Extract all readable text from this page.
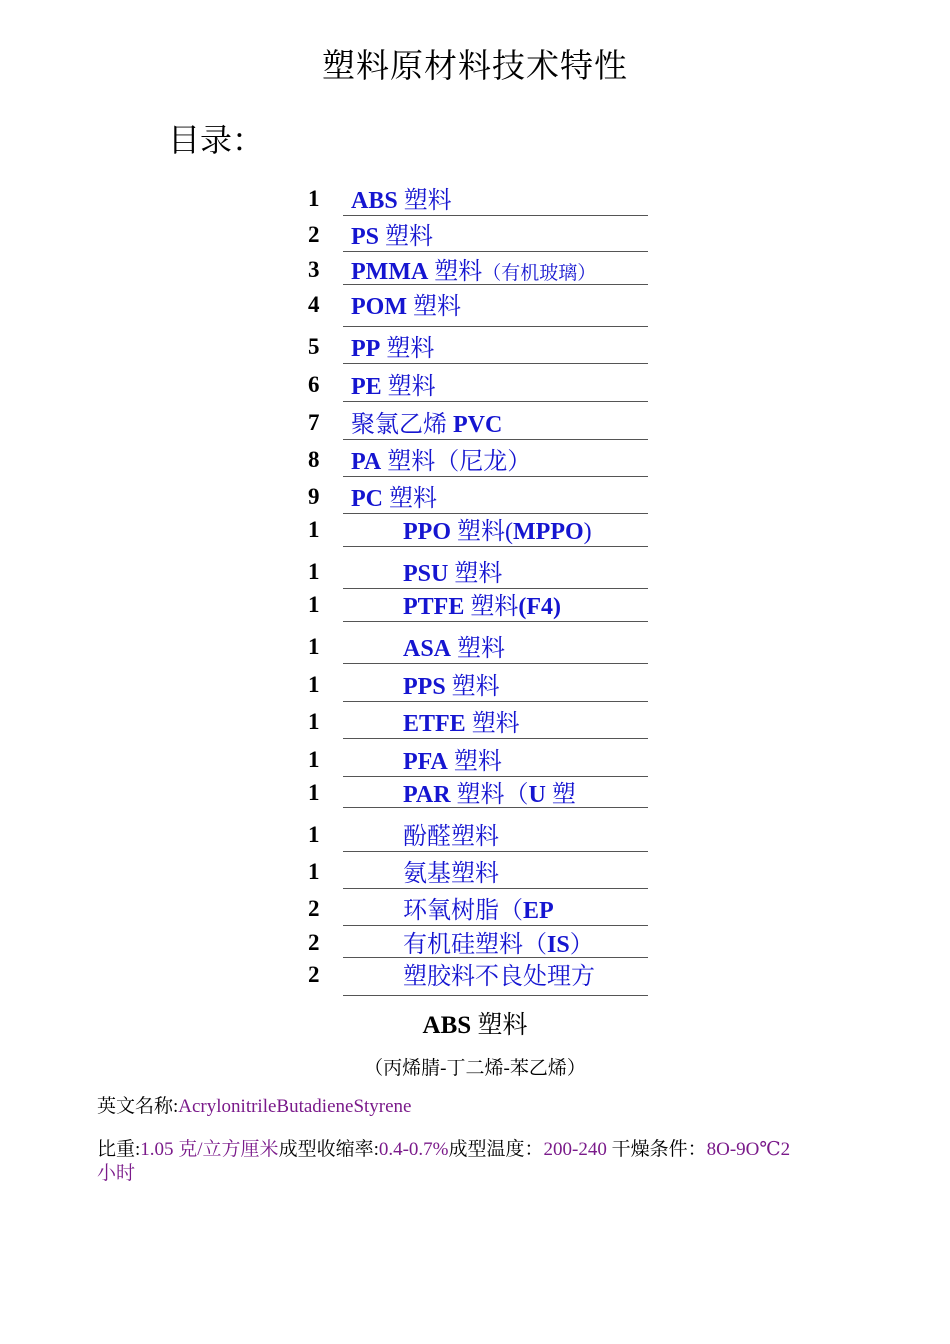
塑料原材料技术特性
目录：
1	ABS 塑料
2	PS 塑料
3	PMMA 塑料（有机玻璃）
4	POM 塑料
5	PP 塑料
6	PE 塑料
7	聚氯乙烯 PVC
8	PA 塑料（尼龙）
9	PC 塑料
1	PPO 塑料(MPPO)
1	PSU 塑料
1	PTFE 塑料(F4)
1	ASA 塑料
1	PPS 塑料
1	ETFE 塑料
1	PFA 塑料
1	PAR 塑料（U 塑
1	酚醛塑料
1	氨基塑料
2	环氧树脂（EP
2	有机硅塑料（IS）
2	塑胶料不良处理方
ABS 塑料
（丙烯腈-丁二烯-苯乙烯）
英文名称:AcrylonitrileButadieneStyrene
比重:1.05 克/立方厘米成型收缩率:0.4-0.7%成型温度：200-240 干燥条件：8O-9O℃2
小时
